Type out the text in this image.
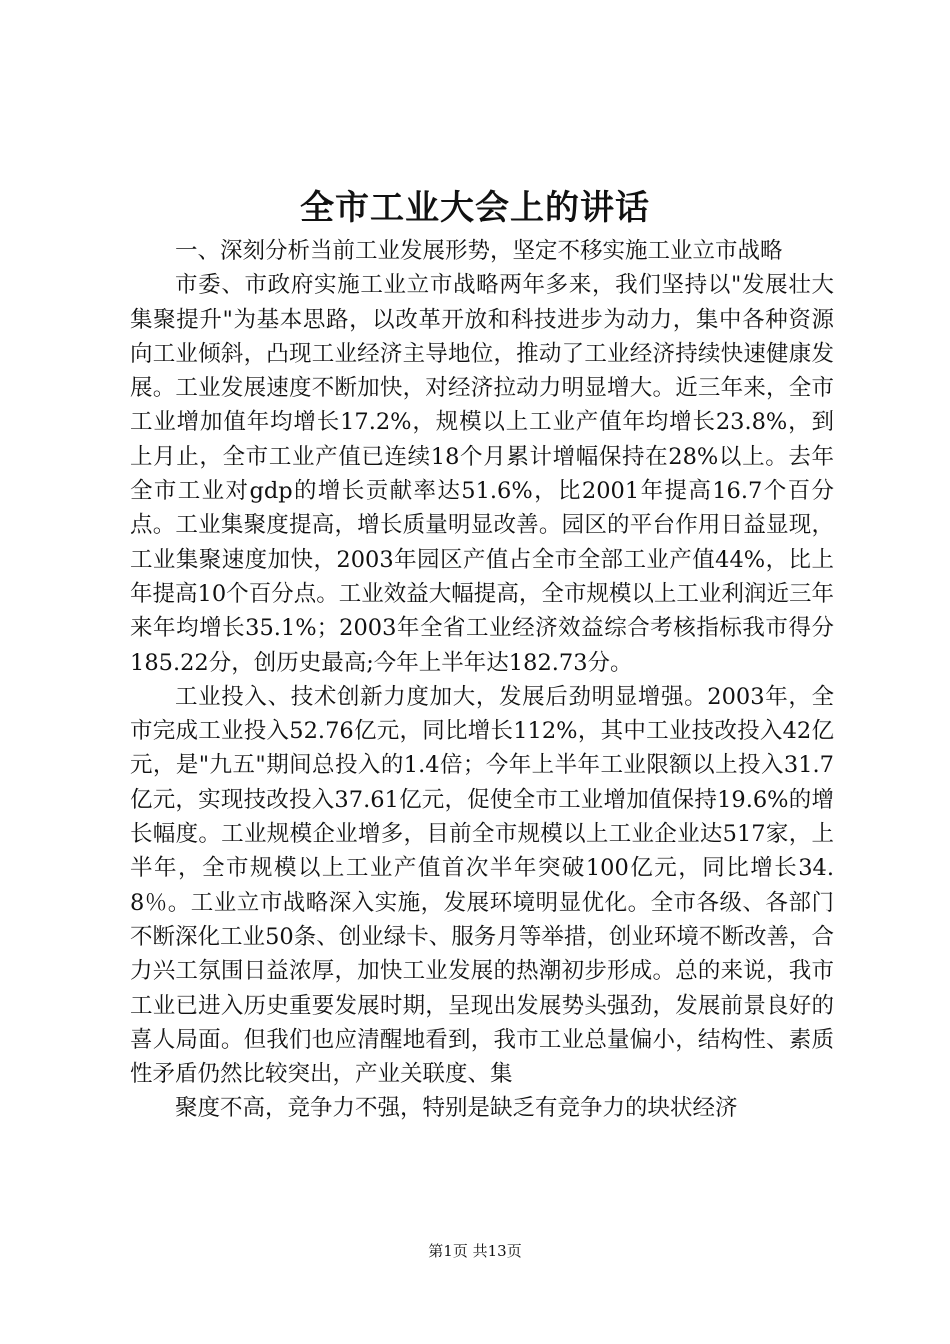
全市工业大会上的讲话

一、深刻分析当前工业发展形势，坚定不移实施工业立市战略

市委、市政府实施工业立市战略两年多来，我们坚持以"发展壮大集聚提升"为基本思路，以改革开放和科技进步为动力，集中各种资源向工业倾斜，凸现工业经济主导地位，推动了工业经济持续快速健康发展。工业发展速度不断加快，对经济拉动力明显增大。近三年来，全市工业增加值年均增长17.2%，规模以上工业产值年均增长23.8%，到上月止，全市工业产值已连续18个月累计增幅保持在28%以上。去年全市工业对gdp的增长贡献率达51.6%，比2001年提高16.7个百分点。工业集聚度提高，增长质量明显改善。园区的平台作用日益显现，工业集聚速度加快，2003年园区产值占全市全部工业产值44%，比上年提高10个百分点。工业效益大幅提高，全市规模以上工业利润近三年来年均增长35.1%；2003年全省工业经济效益综合考核指标我市得分185.22分，创历史最高;今年上半年达182.73分。

工业投入、技术创新力度加大，发展后劲明显增强。2003年，全市完成工业投入52.76亿元，同比增长112%，其中工业技改投入42亿元，是"九五"期间总投入的1.4倍；今年上半年工业限额以上投入31.7亿元，实现技改投入37.61亿元，促使全市工业增加值保持19.6%的增长幅度。工业规模企业增多，目前全市规模以上工业企业达517家，上半年，全市规模以上工业产值首次半年突破100亿元，同比增长34.8％。工业立市战略深入实施，发展环境明显优化。全市各级、各部门不断深化工业50条、创业绿卡、服务月等举措，创业环境不断改善，合力兴工氛围日益浓厚，加快工业发展的热潮初步形成。总的来说，我市工业已进入历史重要发展时期，呈现出发展势头强劲，发展前景良好的喜人局面。但我们也应清醒地看到，我市工业总量偏小，结构性、素质性矛盾仍然比较突出，产业关联度、集

聚度不高，竞争力不强，特别是缺乏有竞争力的块状经济

第1页 共13页
